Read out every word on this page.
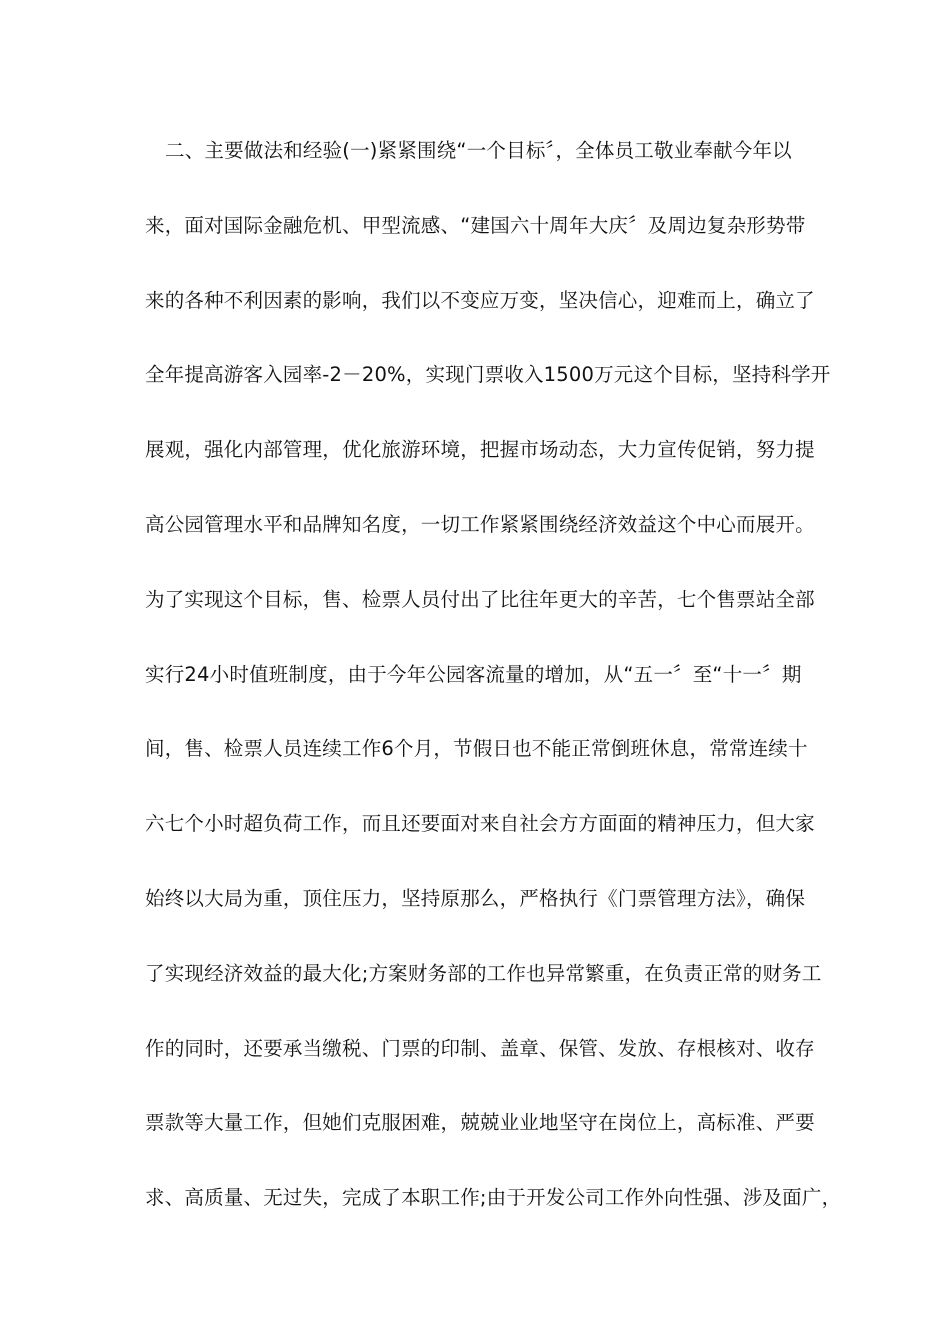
二、主要做法和经验(一)紧紧围绕“一个目标〞，全体员工敬业奉献今年以
来，面对国际金融危机、甲型流感、“建国六十周年大庆〞及周边复杂形势带
来的各种不利因素的影响，我们以不变应万变，坚决信心，迎难而上，确立了
全年提高游客入园率-2－20%，实现门票收入1500万元这个目标，坚持科学开
展观，强化内部管理，优化旅游环境，把握市场动态，大力宣传促销，努力提
高公园管理水平和品牌知名度，一切工作紧紧围绕经济效益这个中心而展开。
为了实现这个目标，售、检票人员付出了比往年更大的辛苦，七个售票站全部
实行24小时值班制度，由于今年公园客流量的增加，从“五一〞至“十一〞期
间，售、检票人员连续工作6个月，节假日也不能正常倒班休息，常常连续十
六七个小时超负荷工作，而且还要面对来自社会方方面面的精神压力，但大家
始终以大局为重，顶住压力，坚持原那么，严格执行《门票管理方法》，确保
了实现经济效益的最大化;方案财务部的工作也异常繁重，在负责正常的财务工
作的同时，还要承当缴税、门票的印制、盖章、保管、发放、存根核对、收存
票款等大量工作，但她们克服困难，兢兢业业地坚守在岗位上，高标准、严要
求、高质量、无过失，完成了本职工作;由于开发公司工作外向性强、涉及面广，
